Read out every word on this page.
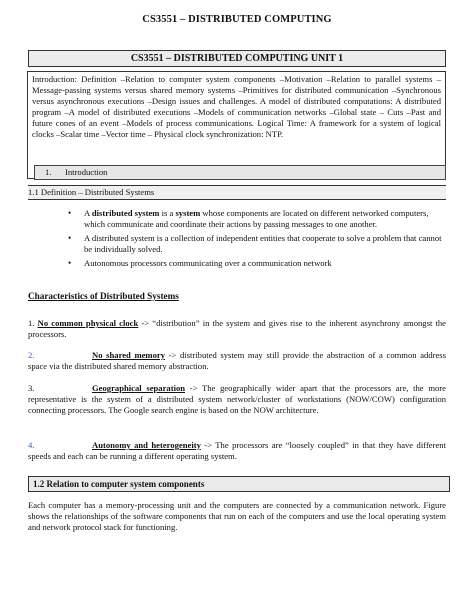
CS3551 – DISTRIBUTED COMPUTING
CS3551 – DISTRIBUTED COMPUTING UNIT 1
Introduction: Definition –Relation to computer system components –Motivation –Relation to parallel systems – Message-passing systems versus shared memory systems –Primitives for distributed communication –Synchronous versus asynchronous executions –Design issues and challenges. A model of distributed computations: A distributed program –A model of distributed executions –Models of communication networks –Global state – Cuts –Past and future cones of an event –Models of process communications. Logical Time: A framework for a system of logical clocks –Scalar time –Vector time – Physical clock synchronization: NTP.
1. Introduction
1.1 Definition – Distributed Systems
• A distributed system is a system whose components are located on different networked computers, which communicate and coordinate their actions by passing messages to one another.
• A distributed system is a collection of independent entities that cooperate to solve a problem that cannot be individually solved.
• Autonomous processors communicating over a communication network
Characteristics of Distributed Systems
1. No common physical clock -> “distribution” in the system and gives rise to the inherent asynchrony amongst the processors.
2.	No shared memory -> distributed system may still provide the abstraction of a common address space via the distributed shared memory abstraction.
3.	Geographical separation -> The geographically wider apart that the processors are, the more representative is the system of a distributed system network/cluster of workstations (NOW/COW) configuration connecting processors. The Google search engine is based on the NOW architecture.
4.	Autonomy and heterogeneity -> The processors are “loosely coupled” in that they have different speeds and each can be running a different operating system.
1.2 Relation to computer system components
Each computer has a memory-processing unit and the computers are connected by a communication network. Figure shows the relationships of the software components that run on each of the computers and use the local operating system and network protocol stack for functioning.
